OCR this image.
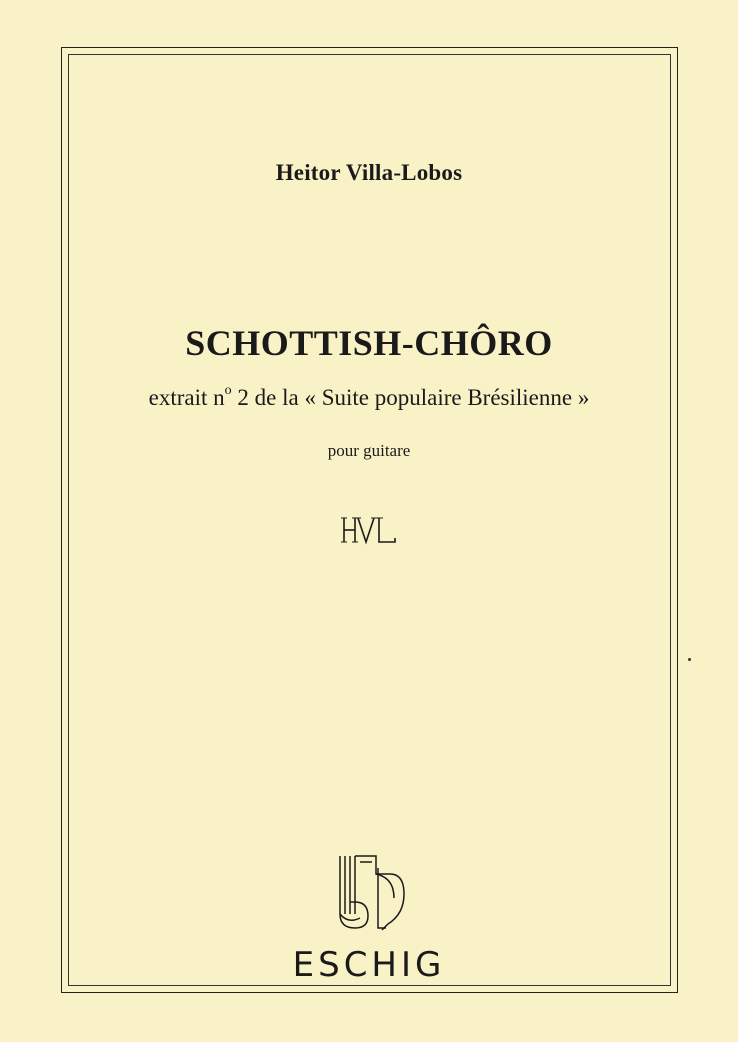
Heitor Villa-Lobos
SCHOTTISH-CHÔRO
extrait $n^o$ 2 de la « Suite populaire Brésilienne »
pour guitare
ESCHIG
